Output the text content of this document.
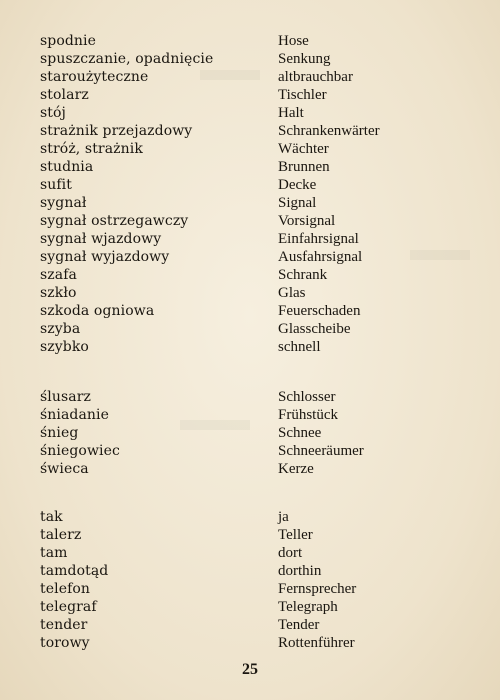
spodnie	Hose
spuszczanie, opadnięcie	Senkung
staroużyteczne	altbrauchbar
stolarz	Tischler
stój	Halt
strażnik przejazdowy	Schrankenwärter
stróż, strażnik	Wächter
studnia	Brunnen
sufit	Decke
sygnał	Signal
sygnał ostrzegawczy	Vorsignal
sygnał wjazdowy	Einfahrsignal
sygnał wyjazdowy	Ausfahrsignal
szafa	Schrank
szkło	Glas
szkoda ogniowa	Feuerschaden
szyba	Glasscheibe
szybko	schnell
ślusarz	Schlosser
śniadanie	Frühstück
śnieg	Schnee
śniegowiec	Schneeräumer
świeca	Kerze
tak	ja
talerz	Teller
tam	dort
tamdotąd	dorthin
telefon	Fernsprecher
telegraf	Telegraph
tender	Tender
torowy	Rottenführer
25
